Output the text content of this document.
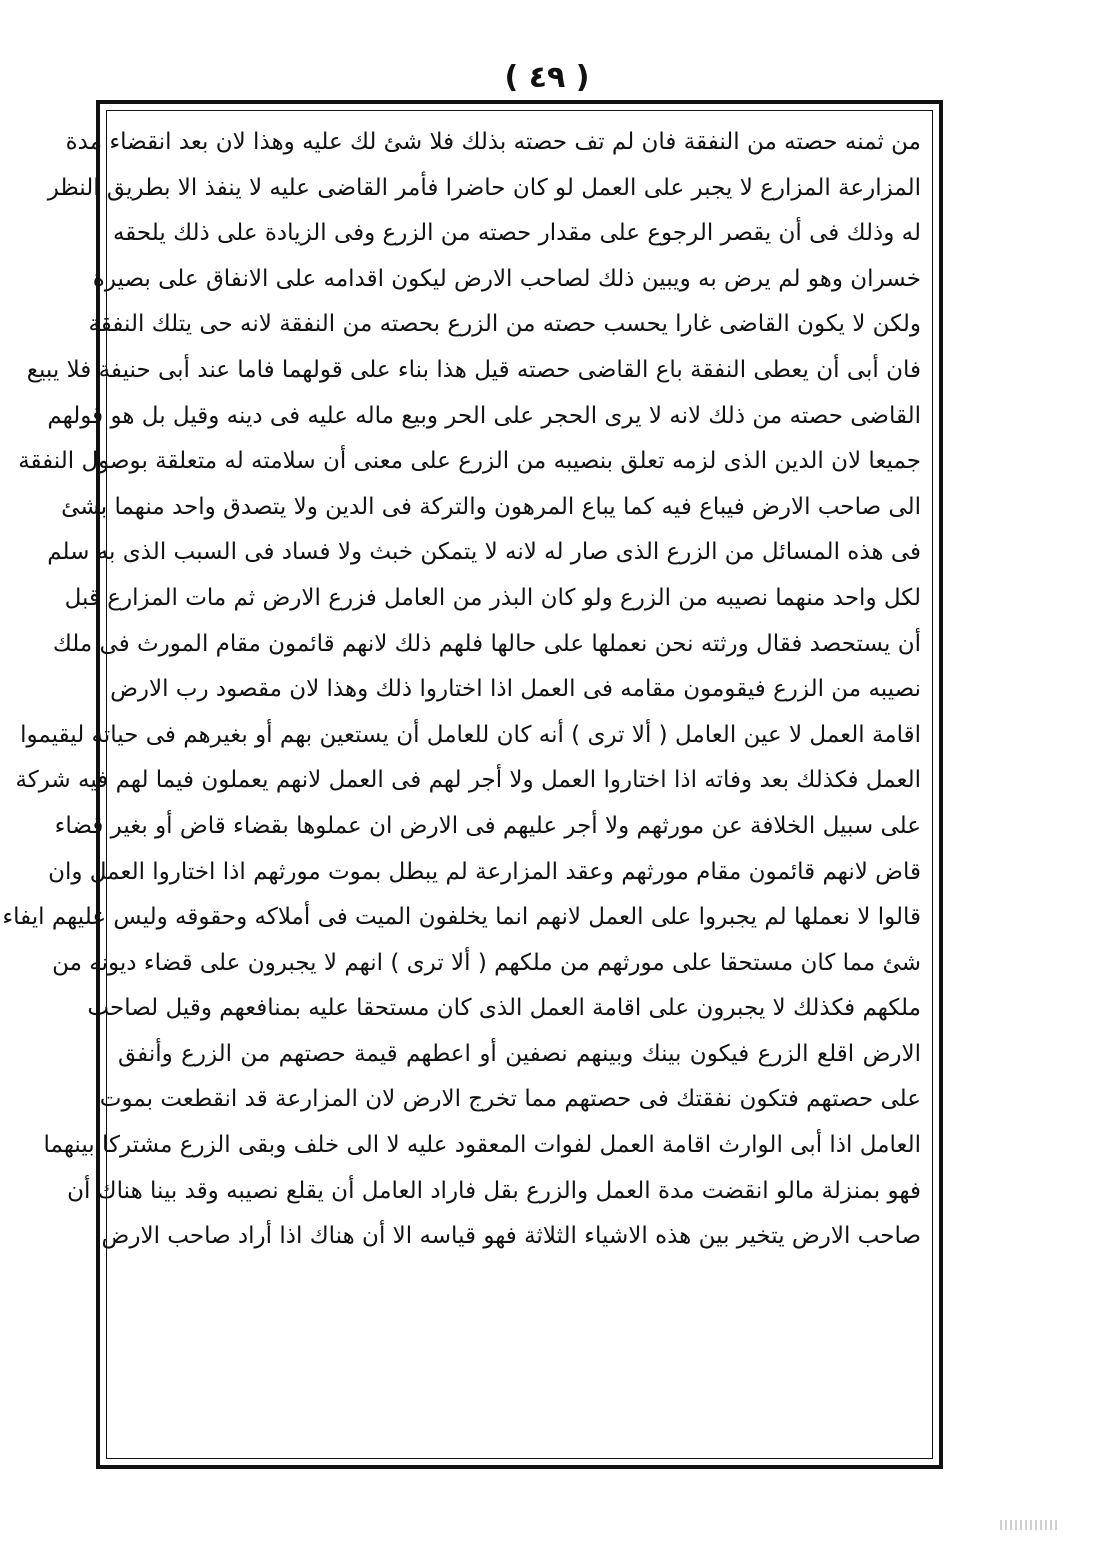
( ٤٩ )
من ثمنه حصته من النفقة فان لم تف حصته بذلك فلا شئ لك عليه وهذا لان بعد انقضاء مدة
المزارعة المزارع لا يجبر على العمل لو كان حاضرا فأمر القاضى عليه لا ينفذ الا بطريق النظر
له وذلك فى أن يقصر الرجوع على مقدار حصته من الزرع وفى الزيادة على ذلك يلحقه
خسران وهو لم يرض به ويبين ذلك لصاحب الارض ليكون اقدامه على الانفاق على بصيرة
ولكن لا يكون القاضى غارا يحسب حصته من الزرع بحصته من النفقة لانه حى يتلك النفقة
فان أبى أن يعطى النفقة باع القاضى حصته قيل هذا بناء على قولهما فاما عند أبى حنيفة فلا يبيع
القاضى حصته من ذلك لانه لا يرى الحجر على الحر وبيع ماله عليه فى دينه وقيل بل هو قولهم
جميعا لان الدين الذى لزمه تعلق بنصيبه من الزرع على معنى أن سلامته له متعلقة بوصول النفقة
الى صاحب الارض فيباع فيه كما يباع المرهون والتركة فى الدين ولا يتصدق واحد منهما بشئ
فى هذه المسائل من الزرع الذى صار له لانه لا يتمكن خبث ولا فساد فى السبب الذى به سلم
لكل واحد منهما نصيبه من الزرع ولو كان البذر من العامل فزرع الارض ثم مات المزارع قبل
أن يستحصد فقال ورثته نحن نعملها على حالها فلهم ذلك لانهم قائمون مقام المورث فى ملك
نصيبه من الزرع فيقومون مقامه فى العمل اذا اختاروا ذلك وهذا لان مقصود رب الارض
اقامة العمل لا عين العامل ( ألا ترى ) أنه كان للعامل أن يستعين بهم أو بغيرهم فى حياته ليقيموا
العمل فكذلك بعد وفاته اذا اختاروا العمل ولا أجر لهم فى العمل لانهم يعملون فيما لهم فيه شركة
على سبيل الخلافة عن مورثهم ولا أجر عليهم فى الارض ان عملوها بقضاء قاض أو بغير قضاء
قاض لانهم قائمون مقام مورثهم وعقد المزارعة لم يبطل بموت مورثهم اذا اختاروا العمل وان
قالوا لا نعملها لم يجبروا على العمل لانهم انما يخلفون الميت فى أملاكه وحقوقه وليس عليهم ايفاء
شئ مما كان مستحقا على مورثهم من ملكهم ( ألا ترى ) انهم لا يجبرون على قضاء ديونه من
ملكهم فكذلك لا يجبرون على اقامة العمل الذى كان مستحقا عليه بمنافعهم وقيل لصاحب
الارض اقلع الزرع فيكون بينك وبينهم نصفين أو اعطهم قيمة حصتهم من الزرع وأنفق
على حصتهم فتكون نفقتك فى حصتهم مما تخرج الارض لان المزارعة قد انقطعت بموت
العامل اذا أبى الوارث اقامة العمل لفوات المعقود عليه لا الى خلف وبقى الزرع مشتركا بينهما
فهو بمنزلة مالو انقضت مدة العمل والزرع بقل فاراد العامل أن يقلع نصيبه وقد بينا هناك أن
صاحب الارض يتخير بين هذه الاشياء الثلاثة فهو قياسه الا أن هناك اذا أراد صاحب الارض
